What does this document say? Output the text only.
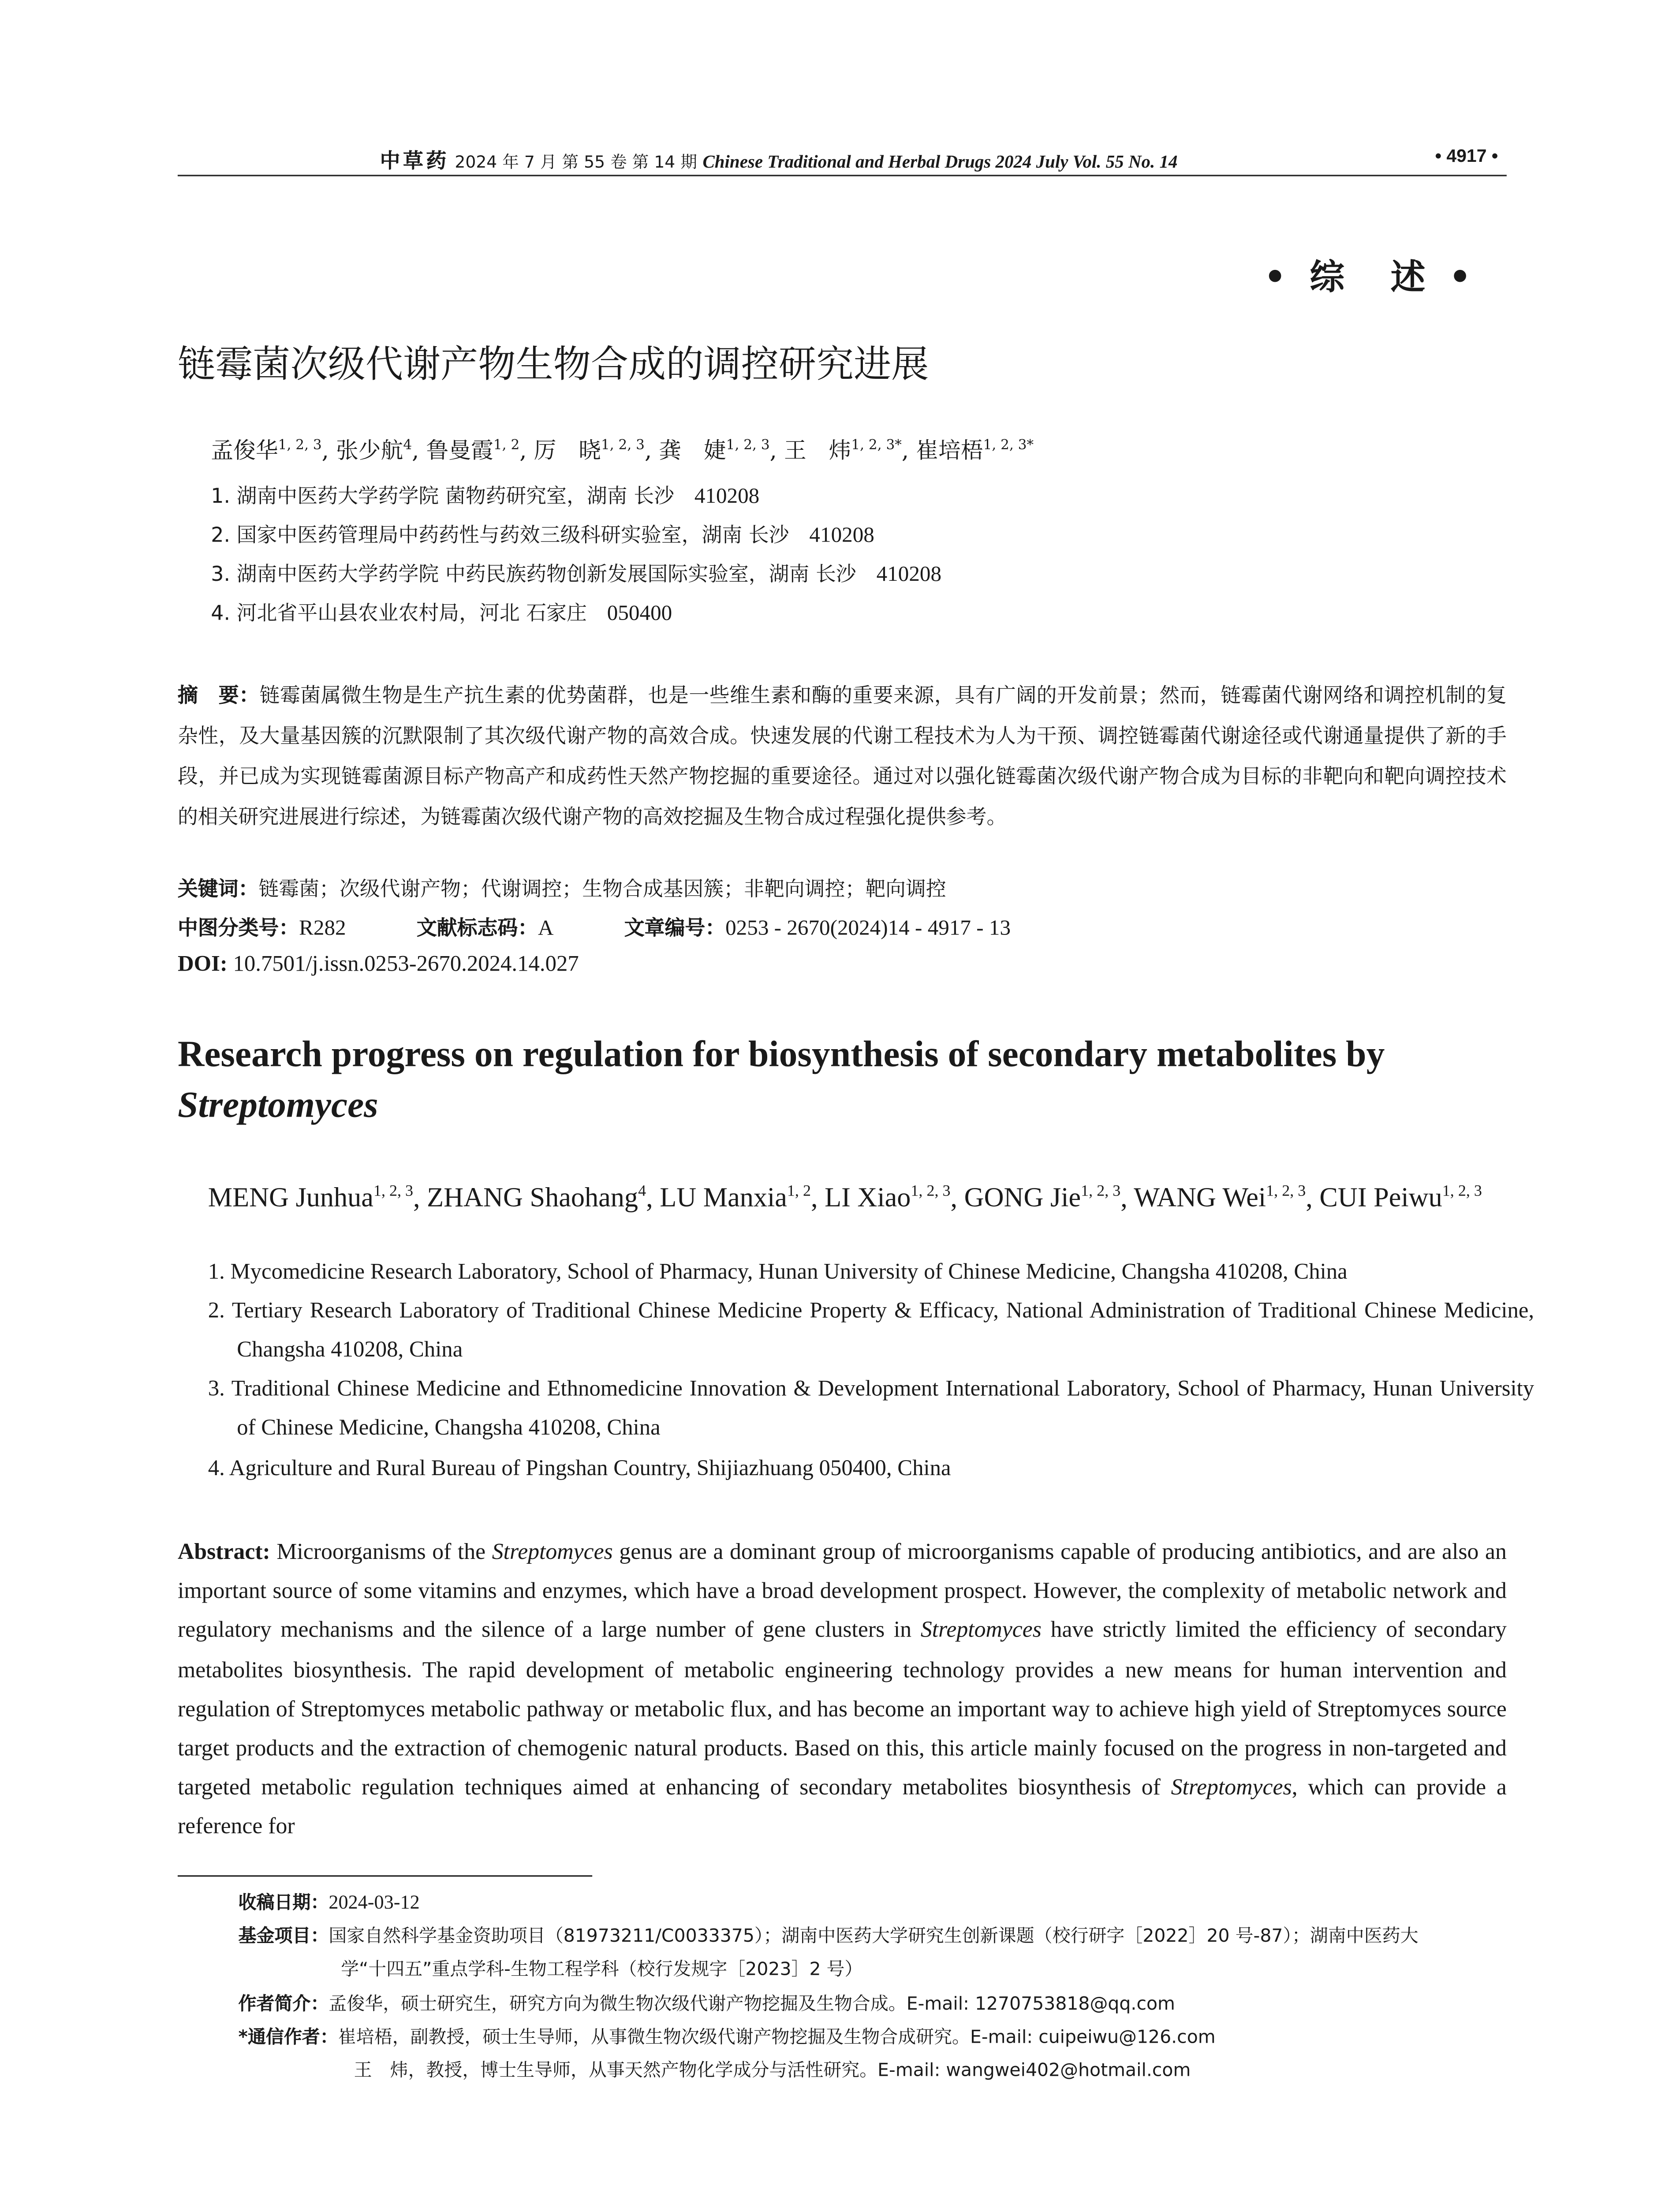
中草药 2024 年 7 月 第 55 卷 第 14 期 Chinese Traditional and Herbal Drugs 2024 July Vol. 55 No. 14	• 4917 •
• 综　述 •
链霉菌次级代谢产物生物合成的调控研究进展
孟俊华$^{1, 2, 3}$, 张少航$^4$, 鲁曼霞$^{1, 2}$, 厉　晓$^{1, 2, 3}$, 龚　婕$^{1, 2, 3}$, 王　炜$^{1, 2, 3*}$, 崔培梧$^{1, 2, 3*}$
1. 湖南中医药大学药学院 菌物药研究室，湖南 长沙　	410208
2. 国家中医药管理局中药药性与药效三级科研实验室，湖南 长沙　	410208
3. 湖南中医药大学药学院 中药民族药物创新发展国际实验室，湖南 长沙　	410208
4. 河北省平山县农业农村局，河北 石家庄　	050400
摘　要：链霉菌属微生物是生产抗生素的优势菌群，也是一些维生素和酶的重要来源，具有广阔的开发前景；然而，链霉菌代谢网络和调控机制的复杂性，及大量基因簇的沉默限制了其次级代谢产物的高效合成。快速发展的代谢工程技术为人为干预、调控链霉菌代谢途径或代谢通量提供了新的手段，并已成为实现链霉菌源目标产物高产和成药性天然产物挖掘的重要途径。通过对以强化链霉菌次级代谢产物合成为目标的非靶向和靶向调控技术的相关研究进展进行综述，为链霉菌次级代谢产物的高效挖掘及生物合成过程强化提供参考。
关键词：链霉菌；次级代谢产物；代谢调控；生物合成基因簇；非靶向调控；靶向调控
中图分类号：R282	文献标志码：A	文章编号：0253 - 2670(2024)14 - 4917 - 13
DOI: 10.7501/j.issn.0253-2670.2024.14.027
Research progress on regulation for biosynthesis of secondary metabolites by
Streptomyces
MENG Junhua$^{1, 2, 3}$, ZHANG Shaohang$^4$, LU Manxia$^{1, 2}$, LI Xiao$^{1, 2, 3}$, GONG Jie$^{1, 2, 3}$, WANG Wei$^{1, 2, 3}$, CUI Peiwu$^{1, 2, 3}$
1. Mycomedicine Research Laboratory, School of Pharmacy, Hunan University of Chinese Medicine, Changsha 410208, China
2. Tertiary Research Laboratory of Traditional Chinese Medicine Property & Efficacy, National Administration of Traditional Chinese Medicine, Changsha 410208, China
3. Traditional Chinese Medicine and Ethnomedicine Innovation & Development International Laboratory, School of Pharmacy, Hunan University of Chinese Medicine, Changsha 410208, China
4. Agriculture and Rural Bureau of Pingshan Country, Shijiazhuang 050400, China
Abstract: Microorganisms of the Streptomyces genus are a dominant group of microorganisms capable of producing antibiotics, and are also an important source of some vitamins and enzymes, which have a broad development prospect. However, the complexity of metabolic network and regulatory mechanisms and the silence of a large number of gene clusters in Streptomyces have strictly limited the efficiency of secondary metabolites biosynthesis. The rapid development of metabolic engineering technology provides a new means for human intervention and regulation of Streptomyces metabolic pathway or metabolic flux, and has become an important way to achieve high yield of Streptomyces source target products and the extraction of chemogenic natural products. Based on this, this article mainly focused on the progress in non-targeted and targeted metabolic regulation techniques aimed at enhancing of secondary metabolites biosynthesis of Streptomyces, which can provide a reference for
收稿日期：2024-03-12
基金项目：国家自然科学基金资助项目（81973211/C0033375）；湖南中医药大学研究生创新课题（校行研字［2022］20 号-87）；湖南中医药大
学“十四五”重点学科-生物工程学科（校行发规字［2023］2 号）
作者简介：孟俊华，硕士研究生，研究方向为微生物次级代谢产物挖掘及生物合成。E-mail: 1270753818@qq.com
*通信作者：崔培梧，副教授，硕士生导师，从事微生物次级代谢产物挖掘及生物合成研究。E-mail: cuipeiwu@126.com
王　炜，教授，博士生导师，从事天然产物化学成分与活性研究。E-mail: wangwei402@hotmail.com
